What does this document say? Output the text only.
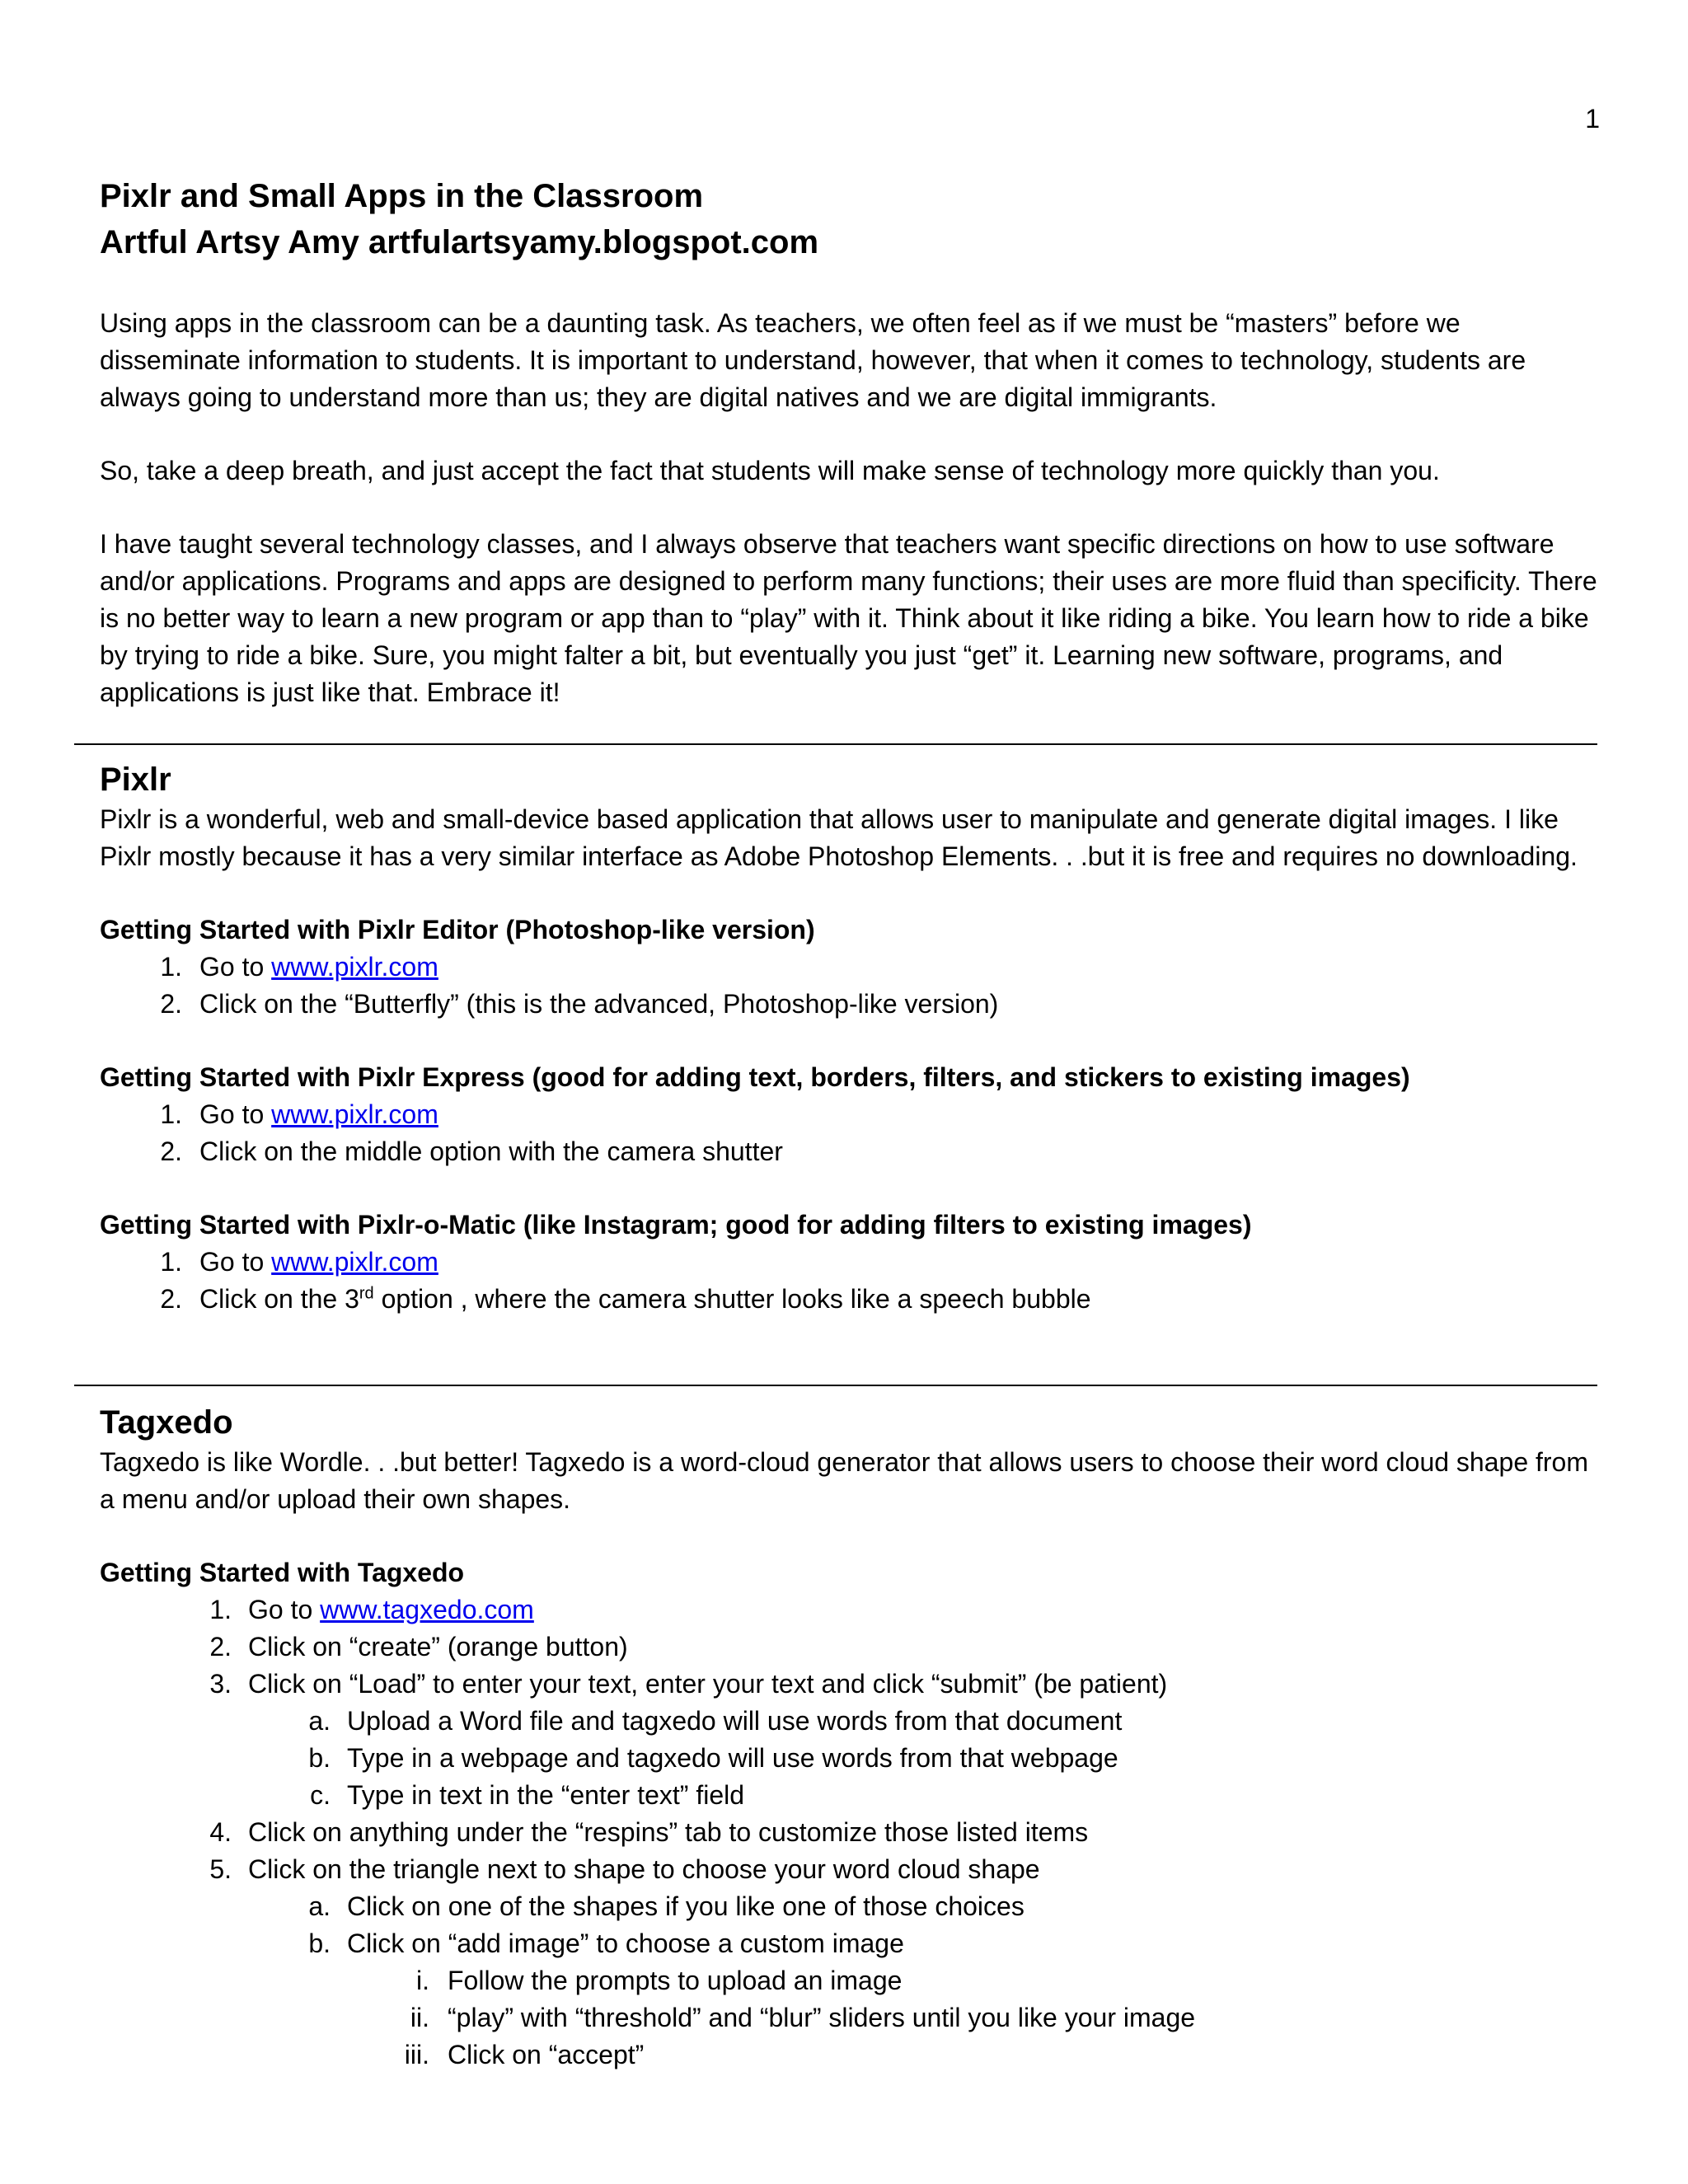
1

Pixlr and Small Apps in the Classroom

Artful Artsy Amy artfulartsyamy.blogspot.com

Using apps in the classroom can be a daunting task. As teachers, we often feel as if we must be “masters” before we disseminate information to students. It is important to understand, however, that when it comes to technology, students are always going to understand more than us; they are digital natives and we are digital immigrants.

So, take a deep breath, and just accept the fact that students will make sense of technology more quickly than you.

I have taught several technology classes, and I always observe that teachers want specific directions on how to use software and/or applications. Programs and apps are designed to perform many functions; their uses are more fluid than specificity. There is no better way to learn a new program or app than to “play” with it. Think about it like riding a bike. You learn how to ride a bike by trying to ride a bike. Sure, you might falter a bit, but eventually you just “get” it. Learning new software, programs, and applications is just like that. Embrace it!

Pixlr

Pixlr is a wonderful, web and small-device based application that allows user to manipulate and generate digital images. I like Pixlr mostly because it has a very similar interface as Adobe Photoshop Elements. . .but it is free and requires no downloading.

Getting Started with Pixlr Editor (Photoshop-like version)

1. Go to www.pixlr.com
2. Click on the “Butterfly” (this is the advanced, Photoshop-like version)

Getting Started with Pixlr Express (good for adding text, borders, filters, and stickers to existing images)

1. Go to www.pixlr.com
2. Click on the middle option with the camera shutter

Getting Started with Pixlr-o-Matic (like Instagram; good for adding filters to existing images)

1. Go to www.pixlr.com
2. Click on the 3rd option , where the camera shutter looks like a speech bubble

Tagxedo

Tagxedo is like Wordle. . .but better! Tagxedo is a word-cloud generator that allows users to choose their word cloud shape from a menu and/or upload their own shapes.

Getting Started with Tagxedo

1. Go to www.tagxedo.com
2. Click on “create” (orange button)
3. Click on “Load” to enter your text, enter your text and click “submit” (be patient)
a. Upload a Word file and tagxedo will use words from that document
b. Type in a webpage and tagxedo will use words from that webpage
c. Type in text in the “enter text” field
4. Click on anything under the “respins” tab to customize those listed items
5. Click on the triangle next to shape to choose your word cloud shape
a. Click on one of the shapes if you like one of those choices
b. Click on “add image” to choose a custom image
i. Follow the prompts to upload an image
ii. “play” with “threshold” and “blur” sliders until you like your image
iii. Click on “accept”
